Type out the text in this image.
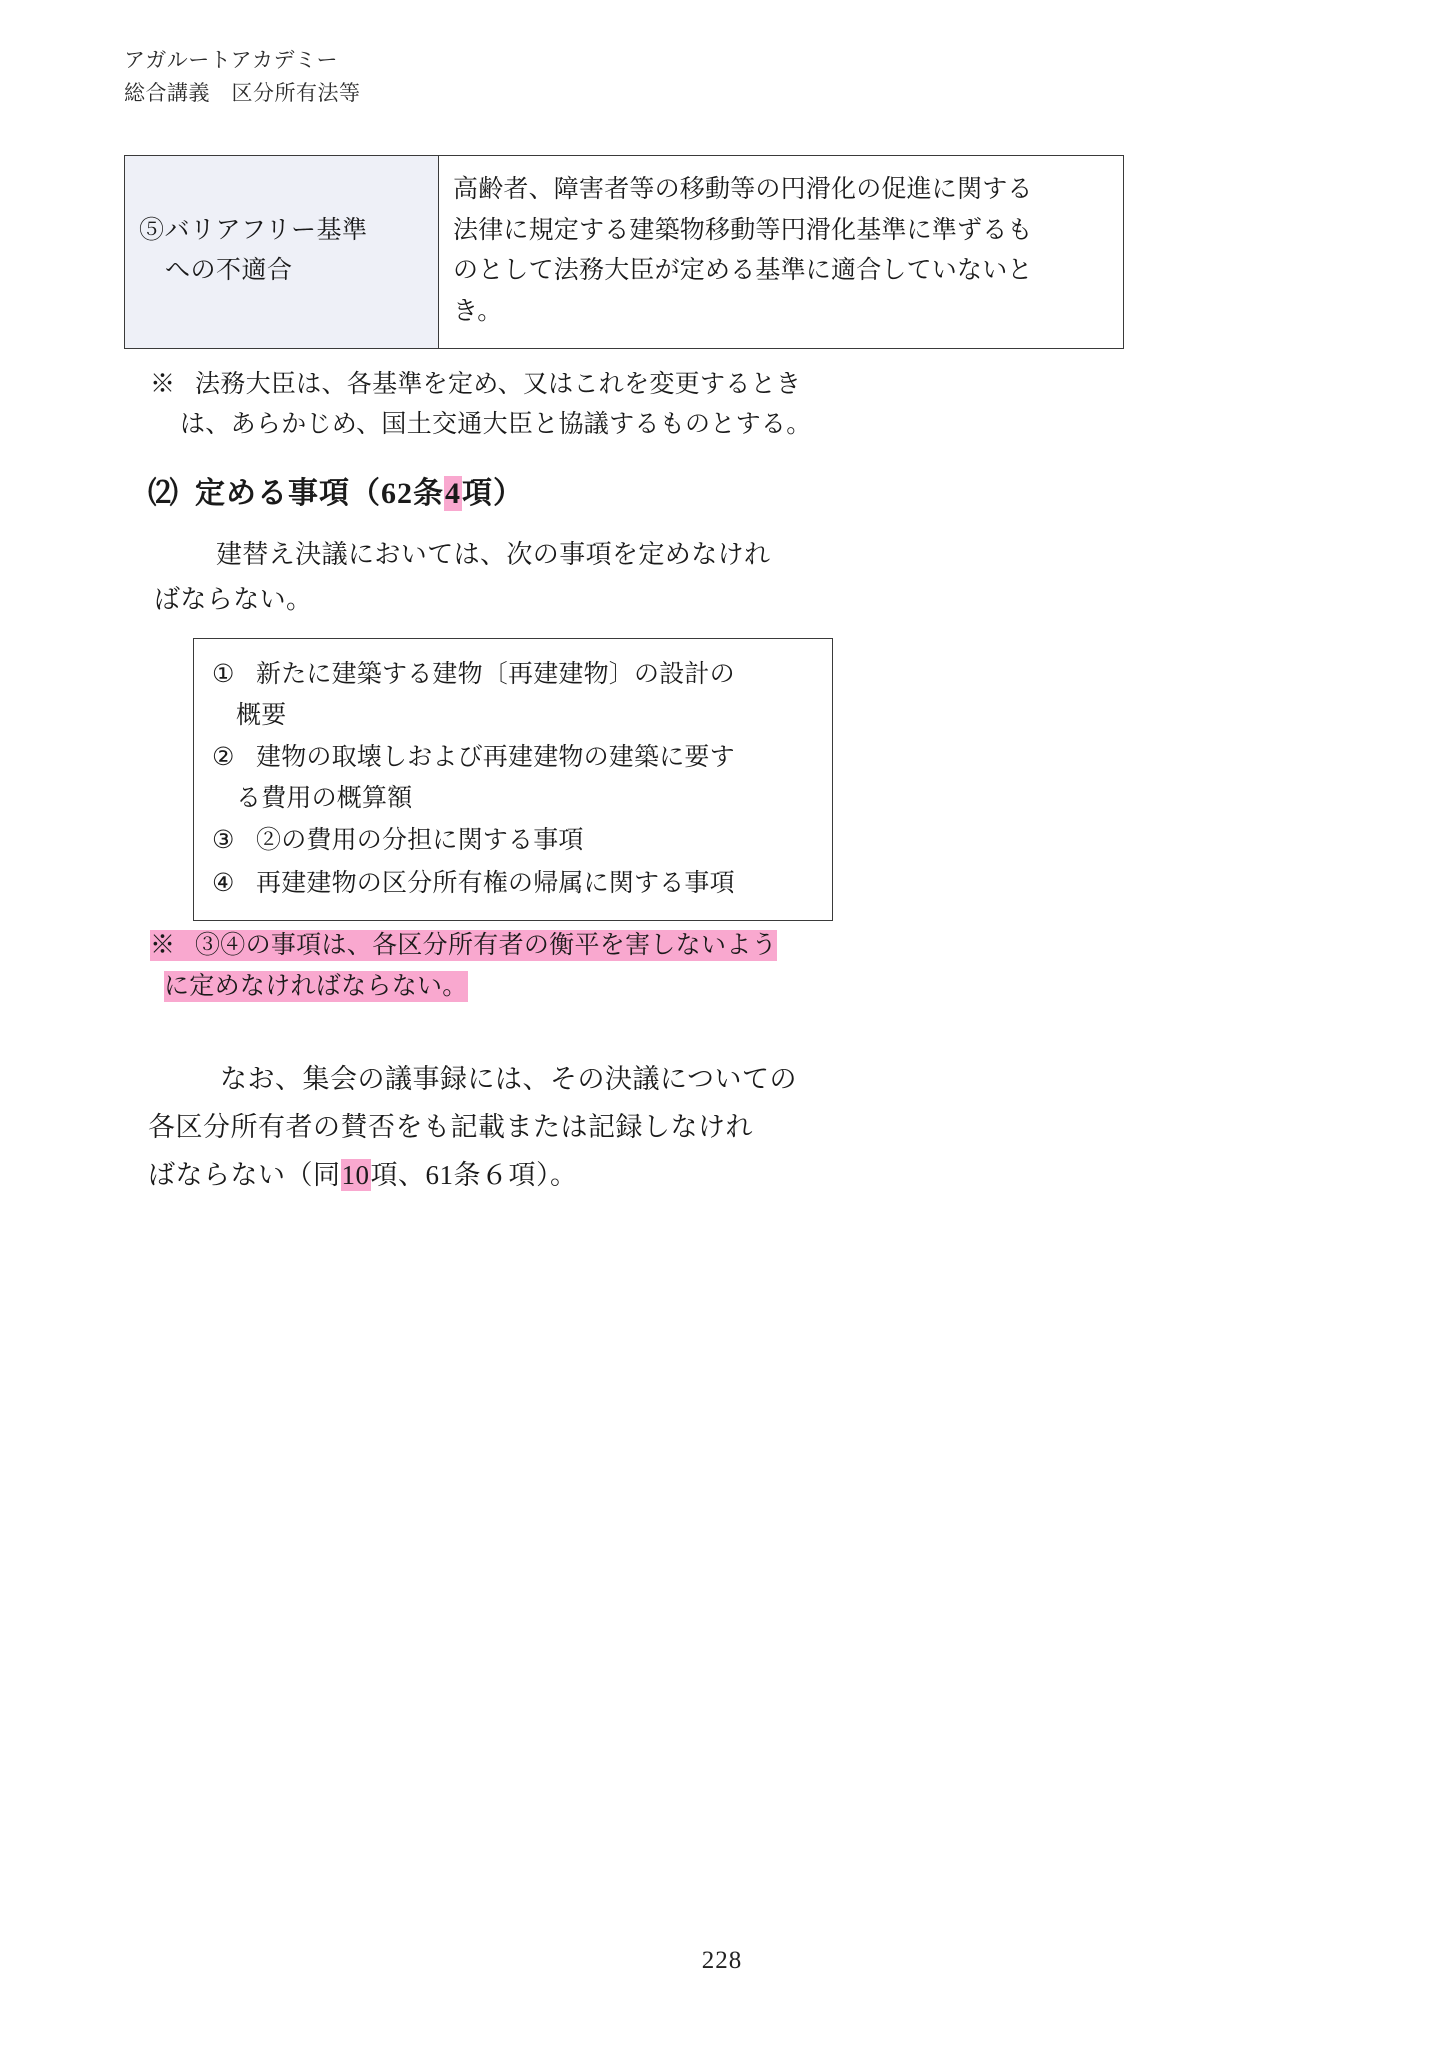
アガルートアカデミー
総合講義　区分所有法等
⑤バリアフリー基準
への不適合

高齢者、障害者等の移動等の円滑化の促進に関する
法律に規定する建築物移動等円滑化基準に準ずるも
のとして法務大臣が定める基準に適合していないと
き。
※ 法務大臣は、各基準を定め、又はこれを変更するとき
は、あらかじめ、国土交通大臣と協議するものとする。
⑵ 定める事項（62条4項）
建替え決議においては、次の事項を定めなけれ
ばならない。
① 新たに建築する建物〔再建建物〕の設計の
概要
② 建物の取壊しおよび再建建物の建築に要す
る費用の概算額
③ ②の費用の分担に関する事項
④ 再建建物の区分所有権の帰属に関する事項
※ ③④の事項は、各区分所有者の衡平を害しないよう
に定めなければならない。
なお、集会の議事録には、その決議についての
各区分所有者の賛否をも記載または記録しなけれ
ばならない（同10項、61条６項）。
228
